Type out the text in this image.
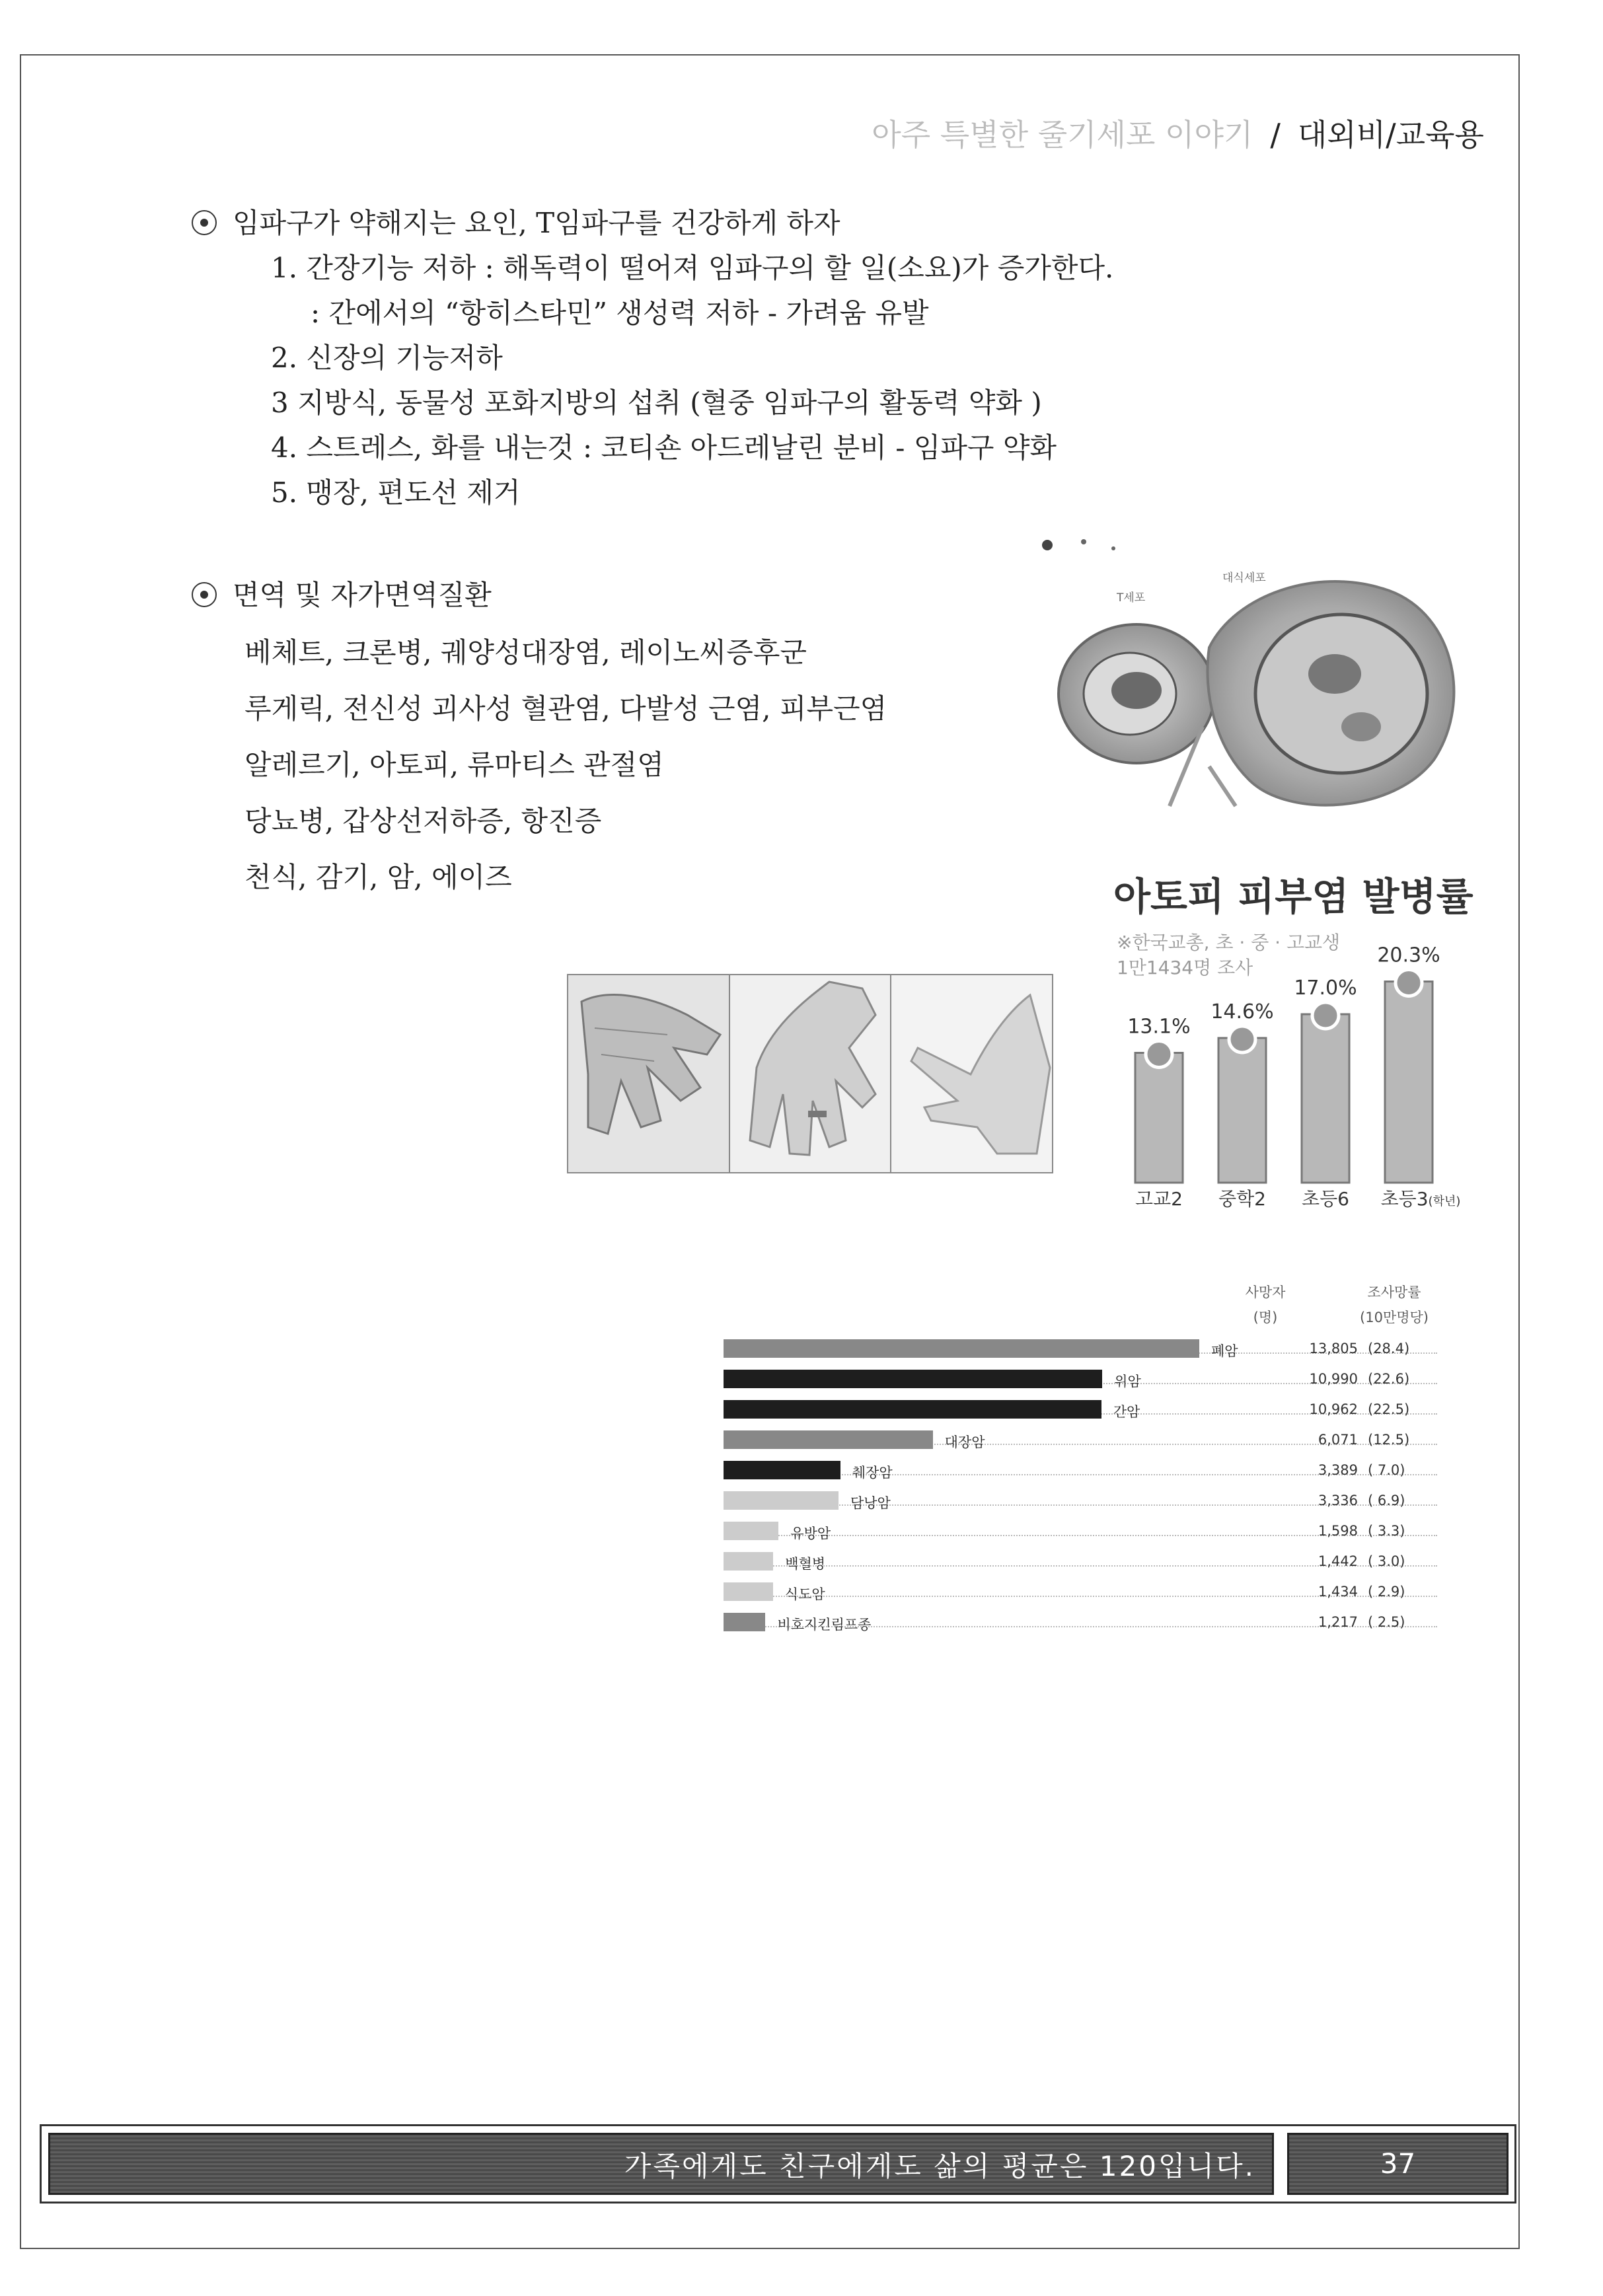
아주 특별한 줄기세포 이야기 / 대외비/교육용
임파구가 약해지는 요인, T임파구를 건강하게 하자
1. 간장기능 저하 : 해독력이 떨어져 임파구의 할 일(소요)가 증가한다.
: 간에서의 “항히스타민” 생성력 저하 - 가려움 유발
2. 신장의 기능저하
3 지방식, 동물성 포화지방의 섭취 (혈중 임파구의 활동력 약화 )
4. 스트레스, 화를 내는것 : 코티숀 아드레날린 분비 - 임파구 약화
5. 맹장, 편도선 제거
면역 및 자가면역질환
베체트, 크론병, 궤양성대장염, 레이노씨증후군
루게릭, 전신성 괴사성 혈관염, 다발성 근염, 피부근염
알레르기, 아토피, 류마티스 관절염
당뇨병, 갑상선저하증, 항진증
천식, 감기, 암, 에이즈
T세포
대식세포
아토피 피부염 발병률
※한국교총, 초 · 중 · 고교생
1만1434명 조사
13.1%
고교2
14.6%
중학2
17.0%
초등6
20.3%
초등3(학년)
사망자
(명)
조사망률
(10만명당)
폐암	13,805 (28.4)
위암	10,990 (22.6)
간암	10,962 (22.5)
대장암	6,071 (12.5)
췌장암	3,389 ( 7.0)
담낭암	3,336 ( 6.9)
유방암	1,598 ( 3.3)
백혈병	1,442 ( 3.0)
식도암	1,434 ( 2.9)
비호지킨림프종	1,217 ( 2.5)
가족에게도 친구에게도 삶의 평균은 120입니다.	37
